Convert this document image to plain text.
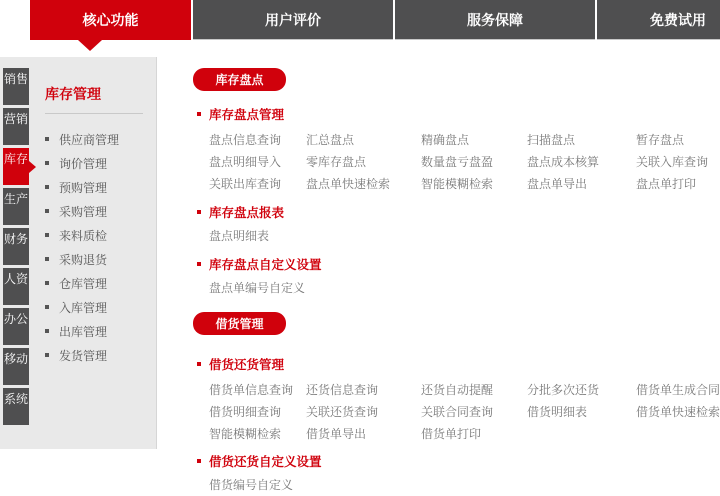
核心功能	用户评价	服务保障	免费试用
库存管理
供应商管理
询价管理
预购管理
采购管理
来料质检
采购退货
仓库管理
入库管理
出库管理
发货管理
销售
营销
库存
生产
财务
人资
办公
移动
系统
库存盘点
库存盘点管理
盘点信息查询	汇总盘点	精确盘点	扫描盘点	暂存盘点
盘点明细导入	零库存盘点	数量盘亏盘盈	盘点成本核算	关联入库查询
关联出库查询	盘点单快速检索	智能模糊检索	盘点单导出	盘点单打印
库存盘点报表
盘点明细表
库存盘点自定义设置
盘点单编号自定义
借货管理
借货还货管理
借货单信息查询	还货信息查询	还货自动提醒	分批多次还货	借货单生成合同
借货明细查询	关联还货查询	关联合同查询	借货明细表	借货单快速检索
智能模糊检索	借货单导出	借货单打印
借货还货自定义设置
借货编号自定义
